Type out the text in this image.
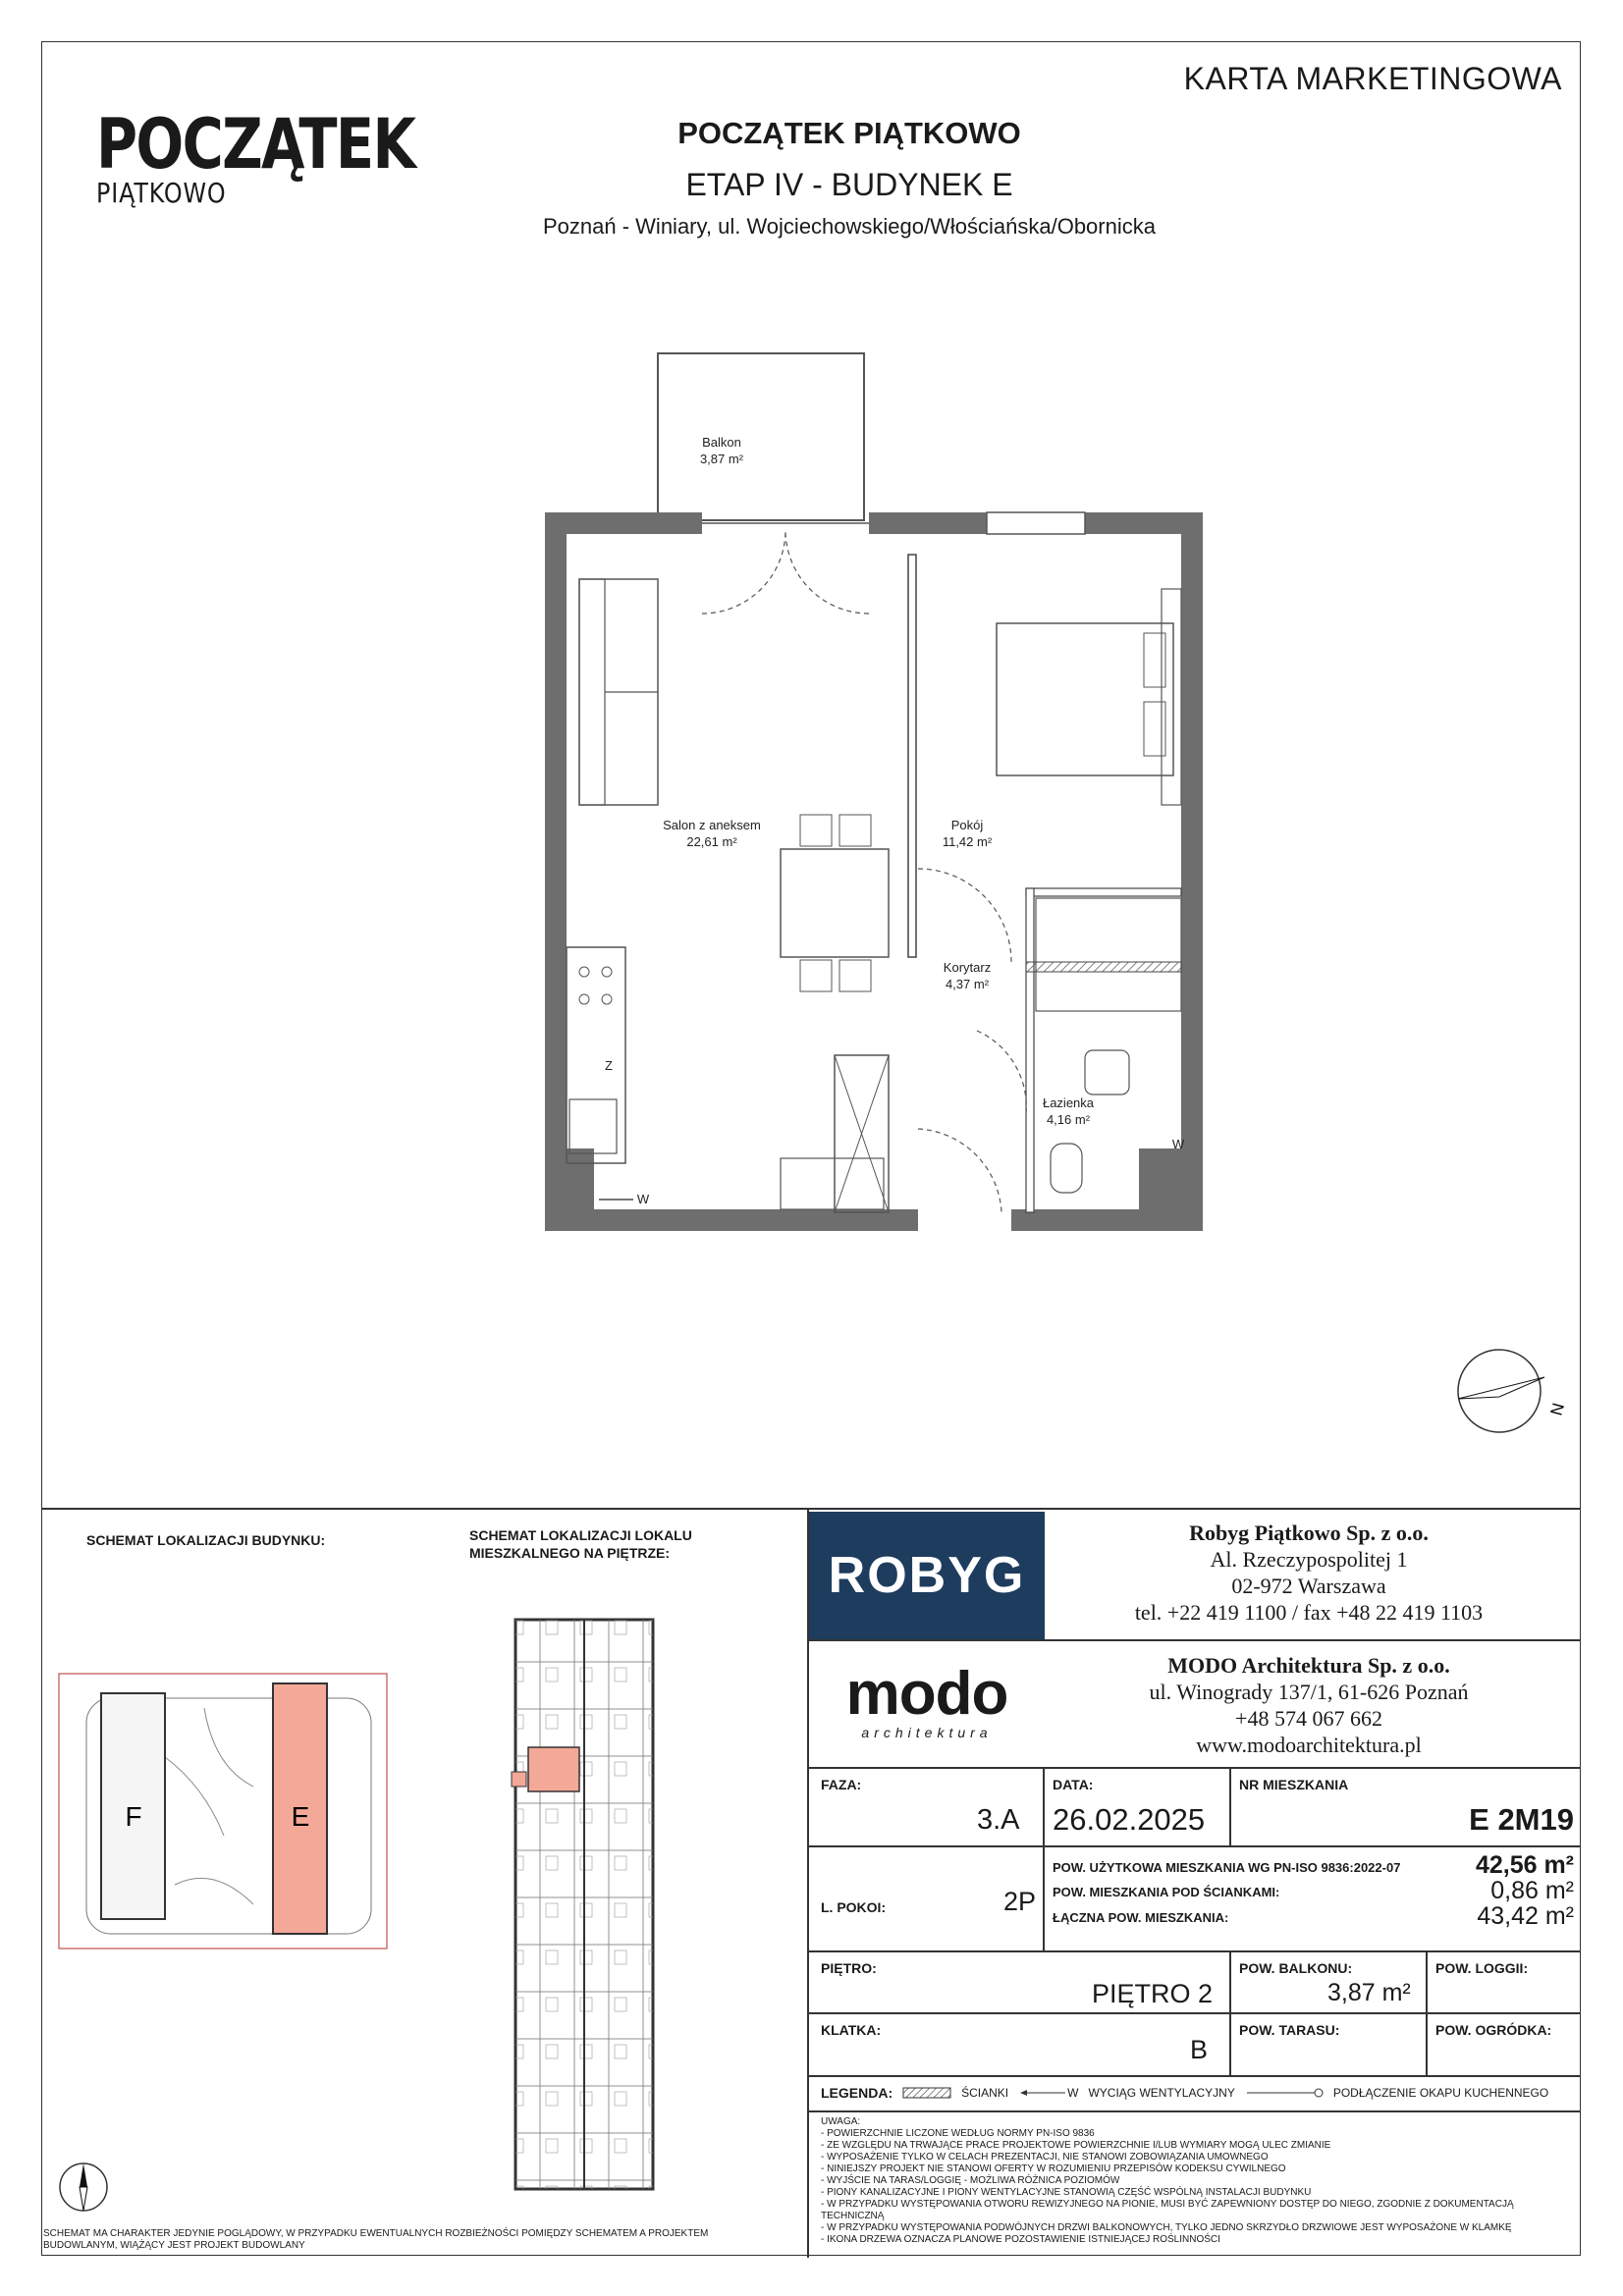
KARTA MARKETINGOWA
POCZĄTEK
PIĄTKOWO
POCZĄTEK PIĄTKOWO
ETAP IV - BUDYNEK E
Poznań - Winiary, ul. Wojciechowskiego/Włościańska/Obornicka
Z
W
W
Balkon
3,87 m²
Salon z aneksem
22,61 m²
Pokój
11,42 m²
Korytarz
4,37 m²
Łazienka
4,16 m²
N
SCHEMAT LOKALIZACJI BUDYNKU:	SCHEMAT LOKALIZACJI LOKALU
MIESZKALNEGO NA PIĘTRZE:
F	E
SCHEMAT MA CHARAKTER JEDYNIE POGLĄDOWY, W PRZYPADKU EWENTUALNYCH ROZBIEŻNOŚCI POMIĘDZY SCHEMATEM A PROJEKTEM BUDOWLANYM, WIĄŻĄCY JEST PROJEKT BUDOWLANY
ROBYG
Robyg Piątkowo Sp. z o.o.
Al. Rzeczypospolitej 1
02-972 Warszawa
tel. +22 419 1100 / fax +48 22 419 1103
modo
architektura
MODO Architektura Sp. z o.o.
ul. Winogrady 137/1, 61-626 Poznań
+48 574 067 662
www.modoarchitektura.pl
FAZA:
3.A
DATA:
26.02.2025
NR MIESZKANIA
E 2M19
L. POKOI:	2P
POW. UŻYTKOWA MIESZKANIA WG PN-ISO 9836:2022-07	42,56 m²
POW. MIESZKANIA POD ŚCIANKAMI:	0,86 m²
ŁĄCZNA POW. MIESZKANIA:	43,42 m²
PIĘTRO:
PIĘTRO 2
POW. BALKONU:
3,87 m²
POW. LOGGII:
KLATKA:
B
POW. TARASU:	POW. OGRÓDKA:
LEGENDA:	ŚCIANKI	W WYCIĄG WENTYLACYJNY	PODŁĄCZENIE OKAPU KUCHENNEGO
UWAGA:
- POWIERZCHNIE LICZONE WEDŁUG NORMY PN-ISO 9836
- ZE WZGLĘDU NA TRWAJĄCE PRACE PROJEKTOWE POWIERZCHNIE I/LUB WYMIARY MOGĄ ULEC ZMIANIE
- WYPOSAŻENIE TYLKO W CELACH PREZENTACJI, NIE STANOWI ZOBOWIĄZANIA UMOWNEGO
- NINIEJSZY PROJEKT NIE STANOWI OFERTY W ROZUMIENIU PRZEPISÓW KODEKSU CYWILNEGO
- WYJŚCIE NA TARAS/LOGGIĘ - MOŻLIWA RÓŻNICA POZIOMÓW
- PIONY KANALIZACYJNE I PIONY WENTYLACYJNE STANOWIĄ CZĘŚĆ WSPÓLNĄ INSTALACJI BUDYNKU
- W PRZYPADKU WYSTĘPOWANIA OTWORU REWIZYJNEGO NA PIONIE, MUSI BYĆ ZAPEWNIONY DOSTĘP DO NIEGO, ZGODNIE Z DOKUMENTACJĄ TECHNICZNĄ
- W PRZYPADKU WYSTĘPOWANIA PODWÓJNYCH DRZWI BALKONOWYCH, TYLKO JEDNO SKRZYDŁO DRZWIOWE JEST WYPOSAŻONE W KLAMKĘ
- IKONA DRZEWA OZNACZA PLANOWE POZOSTAWIENIE ISTNIEJĄCEJ ROŚLINNOŚCI
